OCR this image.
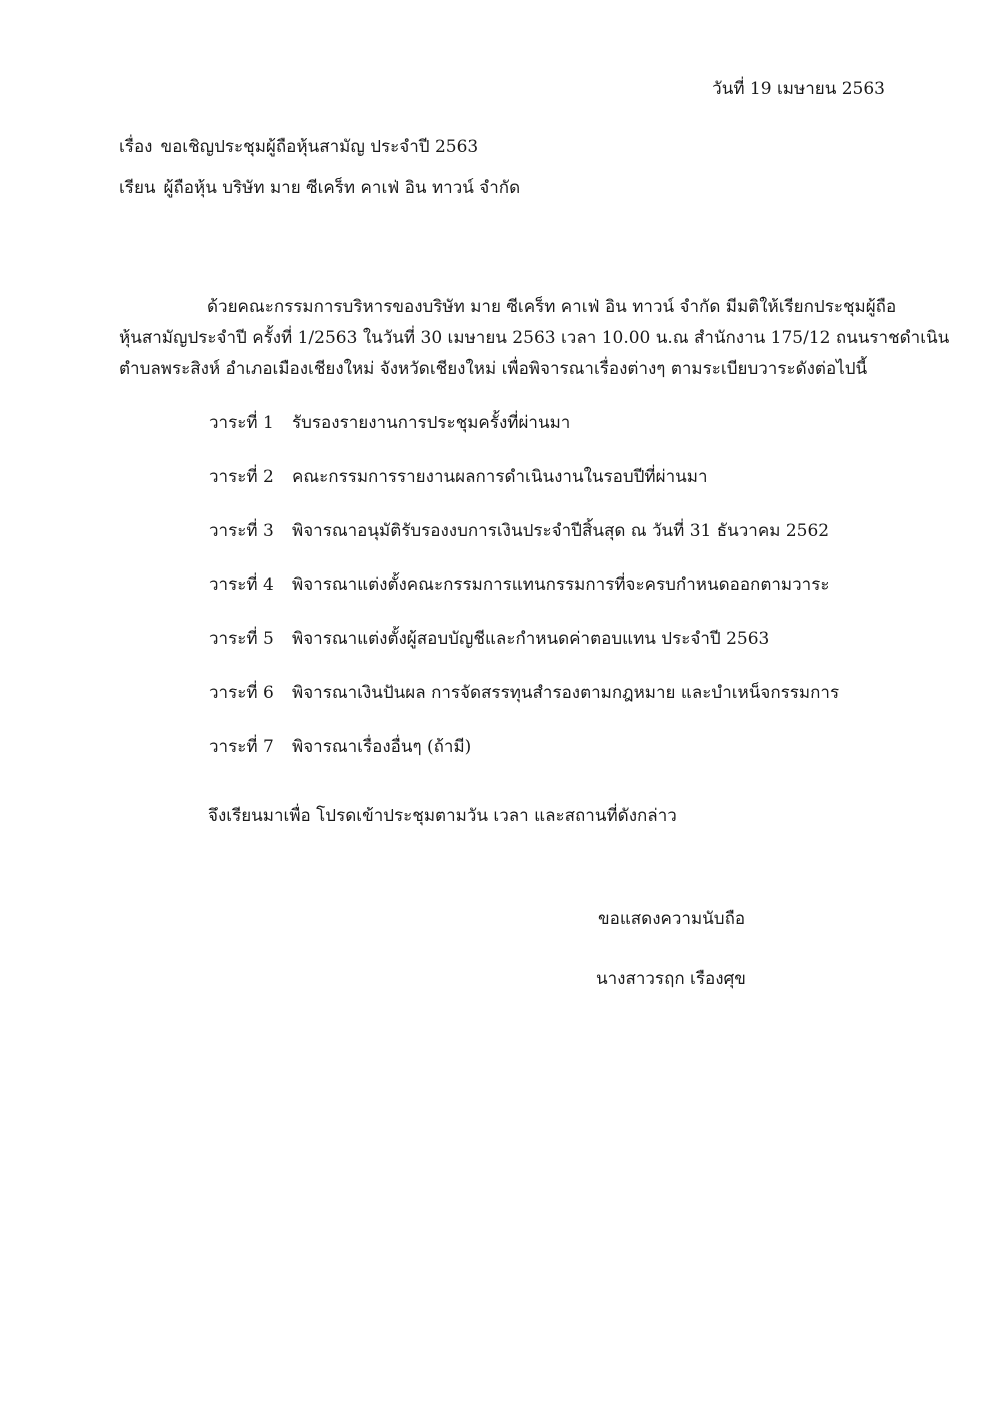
วันที่ 19 เมษายน 2563
เรื่อง ขอเชิญประชุมผู้ถือหุ้นสามัญ ประจำปี 2563
เรียน ผู้ถือหุ้น บริษัท มาย ซีเคร็ท คาเฟ่ อิน ทาวน์ จำกัด
ด้วยคณะกรรมการบริหารของบริษัท มาย ซีเคร็ท คาเฟ่ อิน ทาวน์ จำกัด มีมติให้เรียกประชุมผู้ถือ
หุ้นสามัญประจำปี ครั้งที่ 1/2563 ในวันที่ 30 เมษายน 2563 เวลา 10.00 น.ณ สำนักงาน 175/12 ถนนราชดำเนิน
ตำบลพระสิงห์ อำเภอเมืองเชียงใหม่ จังหวัดเชียงใหม่ เพื่อพิจารณาเรื่องต่างๆ ตามระเบียบวาระดังต่อไปนี้
วาระที่ 1 รับรองรายงานการประชุมครั้งที่ผ่านมา
วาระที่ 2 คณะกรรมการรายงานผลการดำเนินงานในรอบปีที่ผ่านมา
วาระที่ 3 พิจารณาอนุมัติรับรองงบการเงินประจำปีสิ้นสุด ณ วันที่ 31 ธันวาคม 2562
วาระที่ 4 พิจารณาแต่งตั้งคณะกรรมการแทนกรรมการที่จะครบกำหนดออกตามวาระ
วาระที่ 5 พิจารณาแต่งตั้งผู้สอบบัญชีและกำหนดค่าตอบแทน ประจำปี 2563
วาระที่ 6 พิจารณาเงินปันผล การจัดสรรทุนสำรองตามกฎหมาย และบำเหน็จกรรมการ
วาระที่ 7 พิจารณาเรื่องอื่นๆ (ถ้ามี)
จึงเรียนมาเพื่อ โปรดเข้าประชุมตามวัน เวลา และสถานที่ดังกล่าว
ขอแสดงความนับถือ
นางสาวรฤก เรืองศุข
